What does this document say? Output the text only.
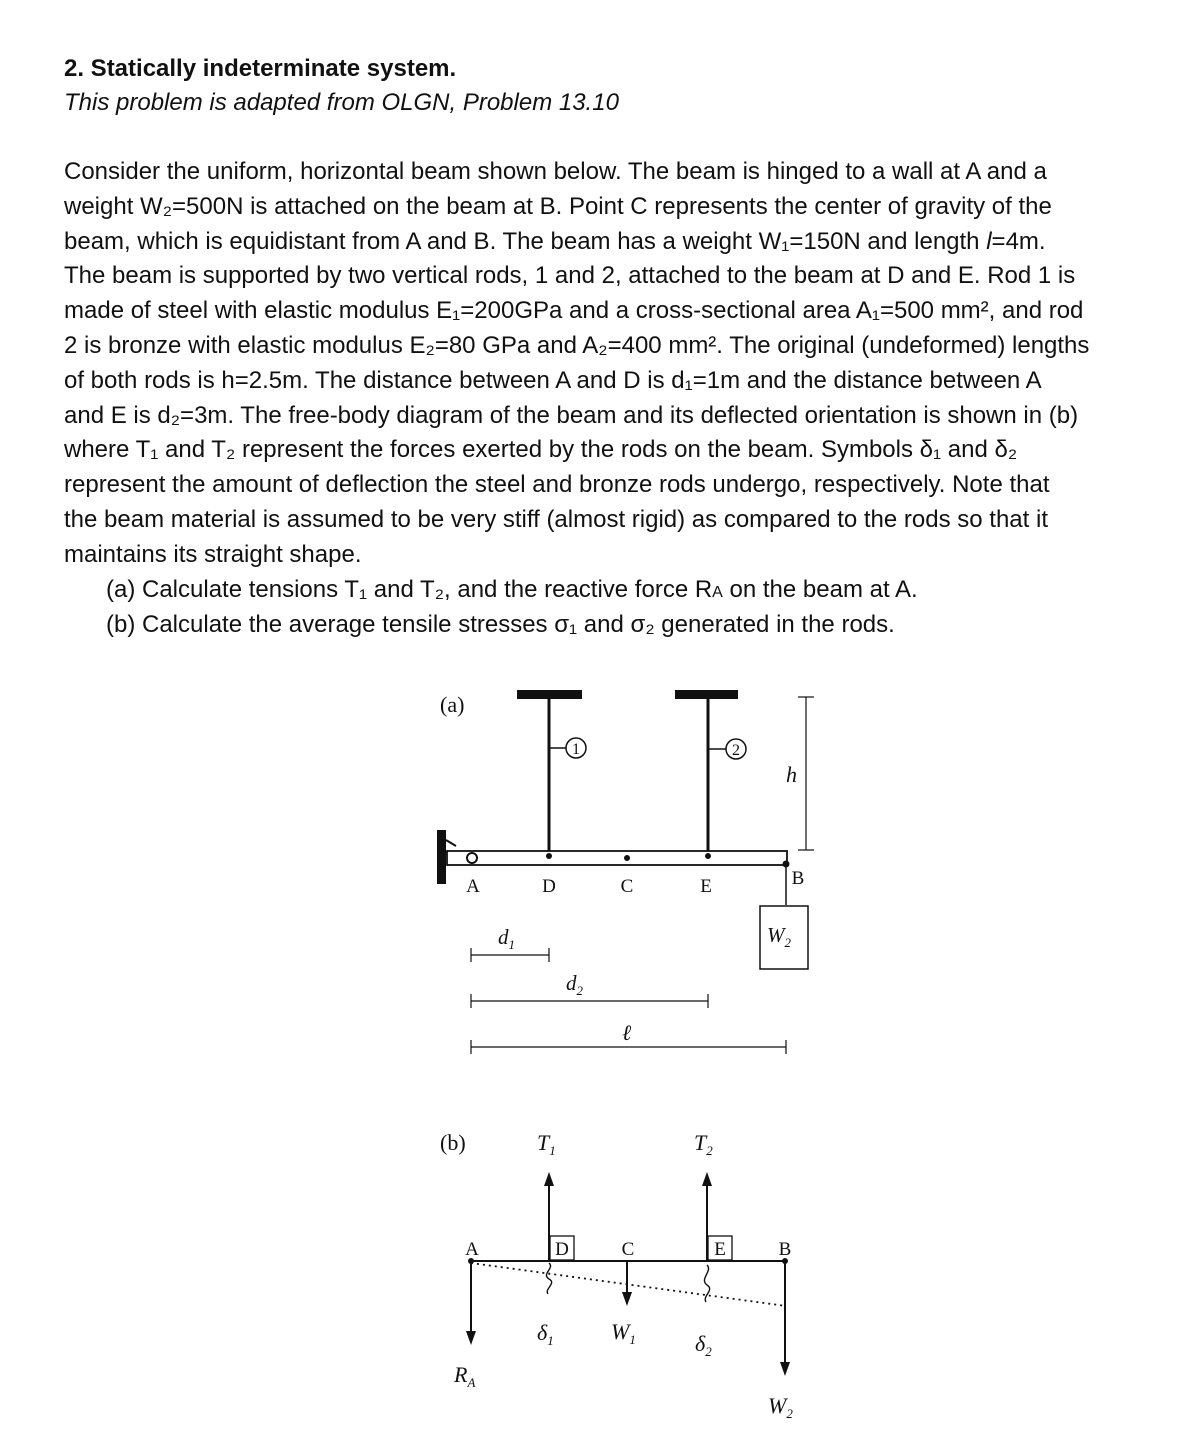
2. Statically indeterminate system.
This problem is adapted from OLGN, Problem 13.10
Consider the uniform, horizontal beam shown below. The beam is hinged to a wall at A and a
weight W₂=500N is attached on the beam at B. Point C represents the center of gravity of the
beam, which is equidistant from A and B. The beam has a weight W₁=150N and length l=4m.
The beam is supported by two vertical rods, 1 and 2, attached to the beam at D and E. Rod 1 is
made of steel with elastic modulus E₁=200GPa and a cross-sectional area A₁=500 mm², and rod
2 is bronze with elastic modulus E₂=80 GPa and A₂=400 mm². The original (undeformed) lengths
of both rods is h=2.5m. The distance between A and D is d₁=1m and the distance between A
and E is d₂=3m. The free-body diagram of the beam and its deflected orientation is shown in (b)
where T₁ and T₂ represent the forces exerted by the rods on the beam. Symbols δ₁ and δ₂
represent the amount of deflection the steel and bronze rods undergo, respectively. Note that
the beam material is assumed to be very stiff (almost rigid) as compared to the rods so that it
maintains its straight shape.
(a) Calculate tensions T₁ and T₂, and the reactive force RA on the beam at A.
(b) Calculate the average tensile stresses σ₁ and σ₂ generated in the rods.
(a)
1	2
h
A	D	C	E	B
$W_2$
$d_1$
$d_2$
ℓ
(b)	$T_1$	$T_2$
A	D	C	E	B
$\delta_1$	$\delta_2$
$W_1$
$R_A$
$W_2$
